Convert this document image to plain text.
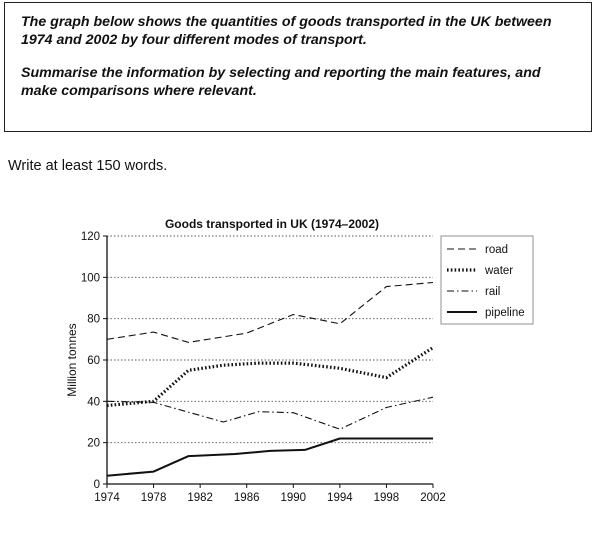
The graph below shows the quantities of goods transported in the UK between 1974 and 2002 by four different modes of transport.

Summarise the information by selecting and reporting the main features, and make comparisons where relevant.

Write at least 150 words.
Goods transported in UK (1974–2002)
0
20
40
60
80
100
120
1974 1978 1982 1986 1990 1994 1998 2002
Million tonnes
road
water
rail
pipeline
